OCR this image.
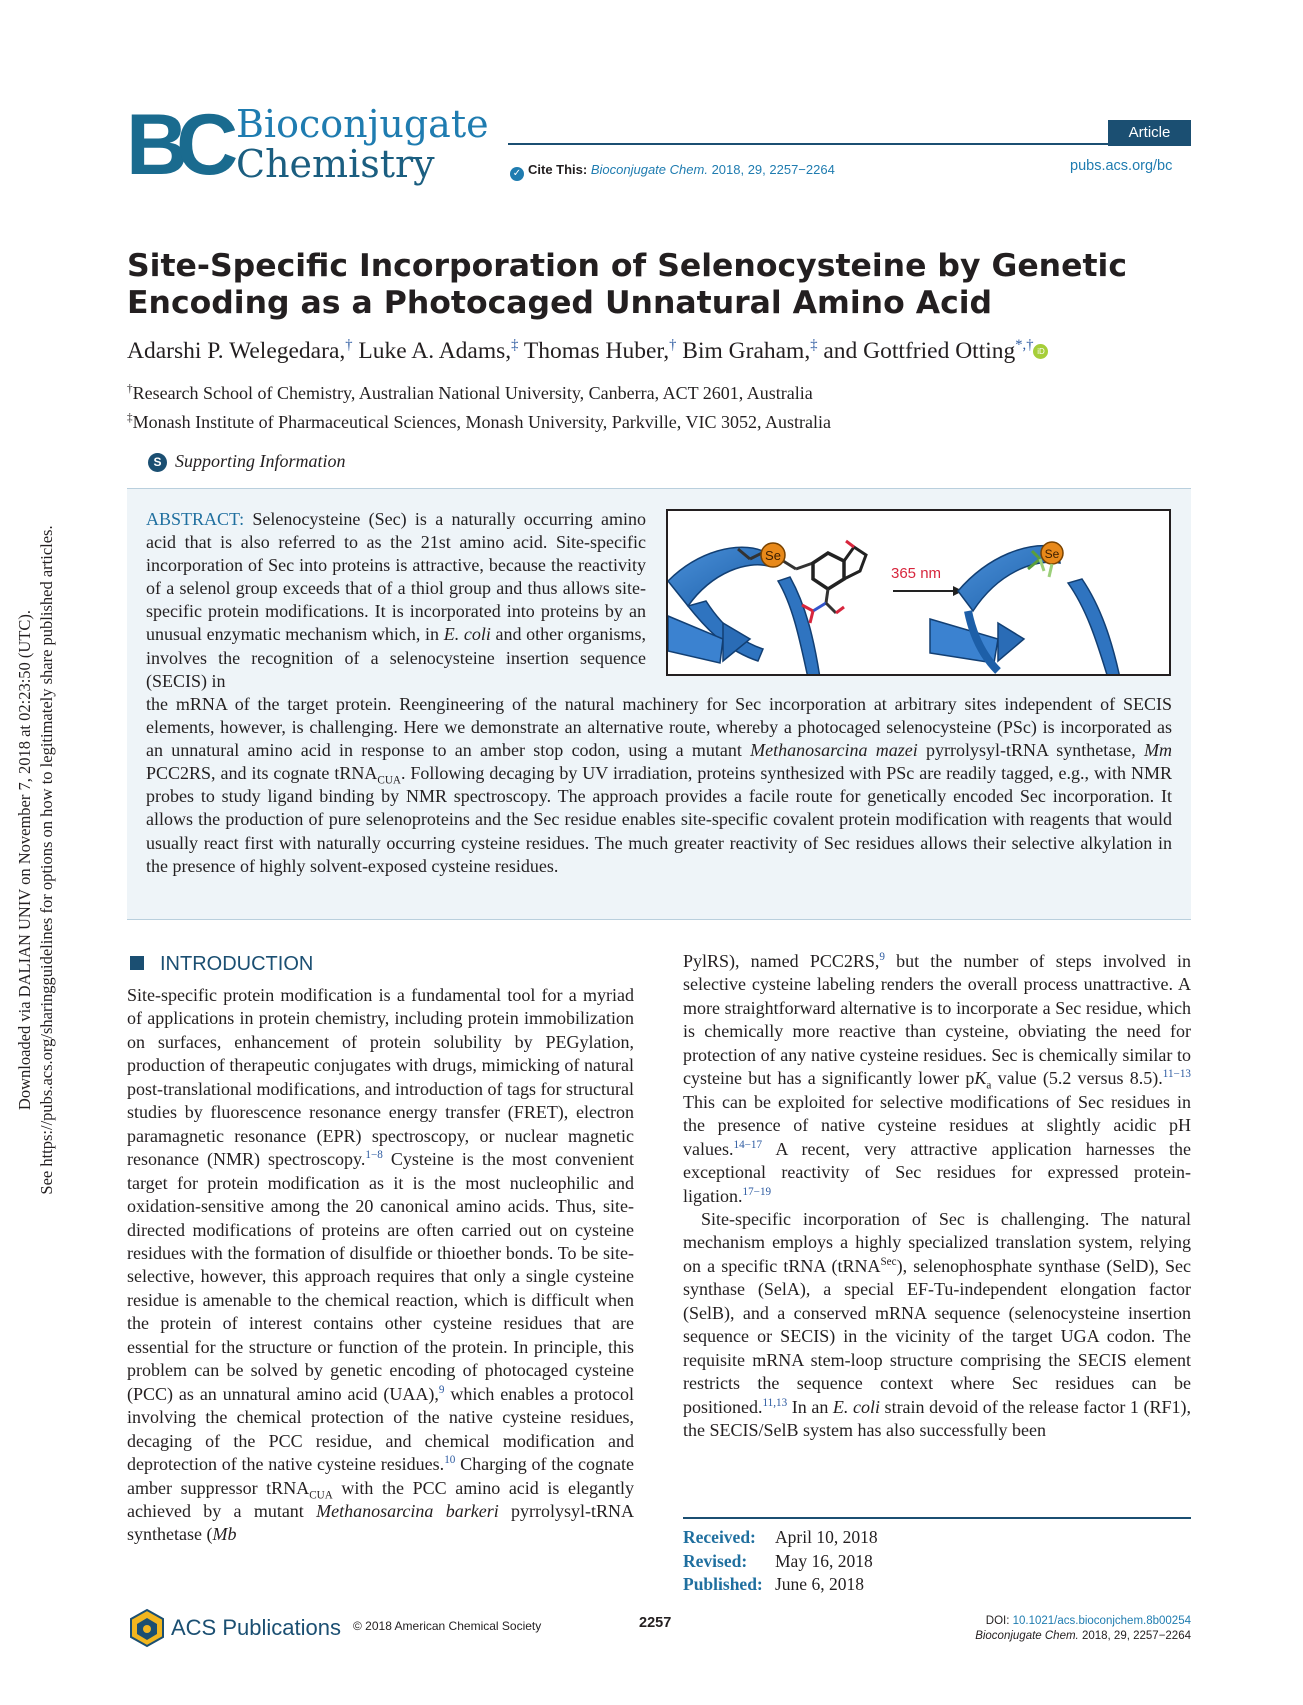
Downloaded via DALIAN UNIV on November 7, 2018 at 02:23:50 (UTC). See https://pubs.acs.org/sharingguidelines for options on how to legitimately share published articles.
BC Bioconjugate
Chemistry
Article
✓ Cite This: Bioconjugate Chem. 2018, 29, 2257−2264	pubs.acs.org/bc
Site-Specific Incorporation of Selenocysteine by Genetic Encoding as a Photocaged Unnatural Amino Acid
Adarshi P. Welegedara,† Luke A. Adams,‡ Thomas Huber,† Bim Graham,‡ and Gottfried Otting*,† iD
†Research School of Chemistry, Australian National University, Canberra, ACT 2601, Australia
‡Monash Institute of Pharmaceutical Sciences, Monash University, Parkville, VIC 3052, Australia
S Supporting Information
ABSTRACT: Selenocysteine (Sec) is a naturally occurring amino acid that is also referred to as the 21st amino acid. Site-specific incorporation of Sec into proteins is attractive, because the reactivity of a selenol group exceeds that of a thiol group and thus allows site-specific protein modifications. It is incorporated into proteins by an unusual enzymatic mechanism which, in E. coli and other organisms, involves the recognition of a selenocysteine insertion sequence (SECIS) in
the mRNA of the target protein. Reengineering of the natural machinery for Sec incorporation at arbitrary sites independent of SECIS elements, however, is challenging. Here we demonstrate an alternative route, whereby a photocaged selenocysteine (PSc) is incorporated as an unnatural amino acid in response to an amber stop codon, using a mutant Methanosarcina mazei pyrrolysyl-tRNA synthetase, Mm PCC2RS, and its cognate tRNA$_{CUA}$. Following decaging by UV irradiation, proteins synthesized with PSc are readily tagged, e.g., with NMR probes to study ligand binding by NMR spectroscopy. The approach provides a facile route for genetically encoded Sec incorporation. It allows the production of pure selenoproteins and the Sec residue enables site-specific covalent protein modification with reagents that would usually react first with naturally occurring cysteine residues. The much greater reactivity of Sec residues allows their selective alkylation in the presence of highly solvent-exposed cysteine residues.
Se
365 nm
Se
INTRODUCTION

Site-specific protein modification is a fundamental tool for a myriad of applications in protein chemistry, including protein immobilization on surfaces, enhancement of protein solubility by PEGylation, production of therapeutic conjugates with drugs, mimicking of natural post-translational modifications, and introduction of tags for structural studies by fluorescence resonance energy transfer (FRET), electron paramagnetic resonance (EPR) spectroscopy, or nuclear magnetic resonance (NMR) spectroscopy.$^{1-8}$ Cysteine is the most convenient target for protein modification as it is the most nucleophilic and oxidation-sensitive among the 20 canonical amino acids. Thus, site-directed modifications of proteins are often carried out on cysteine residues with the formation of disulfide or thioether bonds. To be site-selective, however, this approach requires that only a single cysteine residue is amenable to the chemical reaction, which is difficult when the protein of interest contains other cysteine residues that are essential for the structure or function of the protein. In principle, this problem can be solved by genetic encoding of photocaged cysteine (PCC) as an unnatural amino acid (UAA),$^9$ which enables a protocol involving the chemical protection of the native cysteine residues, decaging of the PCC residue, and chemical modification and deprotection of the native cysteine residues.$^{10}$ Charging of the cognate amber suppressor tRNA$_{CUA}$ with the PCC amino acid is elegantly achieved by a mutant Methanosarcina barkeri pyrrolysyl-tRNA synthetase (Mb

PylRS), named PCC2RS,$^9$ but the number of steps involved in selective cysteine labeling renders the overall process unattractive. A more straightforward alternative is to incorporate a Sec residue, which is chemically more reactive than cysteine, obviating the need for protection of any native cysteine residues. Sec is chemically similar to cysteine but has a significantly lower $pK_a$ value (5.2 versus 8.5).$^{11-13}$ This can be exploited for selective modifications of Sec residues in the presence of native cysteine residues at slightly acidic pH values.$^{14-17}$ A recent, very attractive application harnesses the exceptional reactivity of Sec residues for expressed protein-ligation.$^{17-19}$

Site-specific incorporation of Sec is challenging. The natural mechanism employs a highly specialized translation system, relying on a specific tRNA (tRNA$^{Sec}$), selenophosphate synthase (SelD), Sec synthase (SelA), a special EF-Tu-independent elongation factor (SelB), and a conserved mRNA sequence (selenocysteine insertion sequence or SECIS) in the vicinity of the target UGA codon. The requisite mRNA stem-loop structure comprising the SECIS element restricts the sequence context where Sec residues can be positioned.$^{11,13}$ In an E. coli strain devoid of the release factor 1 (RF1), the SECIS/SelB system has also successfully been

Received: April 10, 2018
Revised: May 16, 2018
Published: June 6, 2018
ACS Publications © 2018 American Chemical Society	2257	DOI: 10.1021/acs.bioconjchem.8b00254
Bioconjugate Chem. 2018, 29, 2257−2264
